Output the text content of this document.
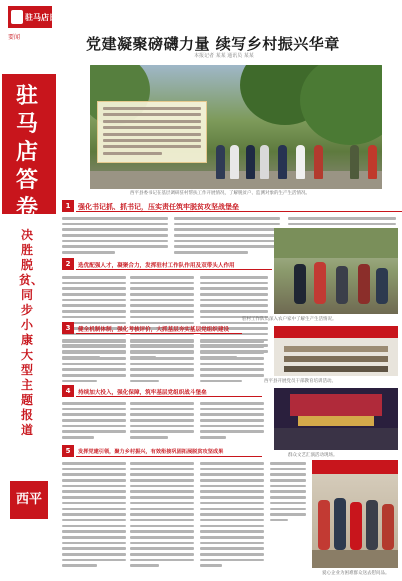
驻马店日报
要闻
驻马店答卷
决胜脱贫、同步小康大型主题报道
西平县
党建凝聚磅礴力量 续写乡村振兴华章
本报记者 某某 通讯员 某某
西平县委书记在基层调研驻村帮扶工作开展情况，了解脱贫户、监测对象的生产生活情况。
1	强化书记抓、抓书记，压实责任筑牢脱贫攻坚战堡垒
2	选优配强人才，凝聚合力，发挥驻村工作队作用及双带头人作用
驻村工作队员深入农户家中了解生产生活情况。
3	健全机制体制，强化考核评价，大抓基层夯实基层党组织建设
西平县开展党员干部教育培训活动。
4	持续加大投入，强化保障，筑牢基层党组织战斗堡垒
群众文艺汇演活动现场。
5	发挥党建引领，聚力乡村振兴，有效衔接巩固拓展脱贫攻坚成果
爱心企业为困难群众送去慰问品。
